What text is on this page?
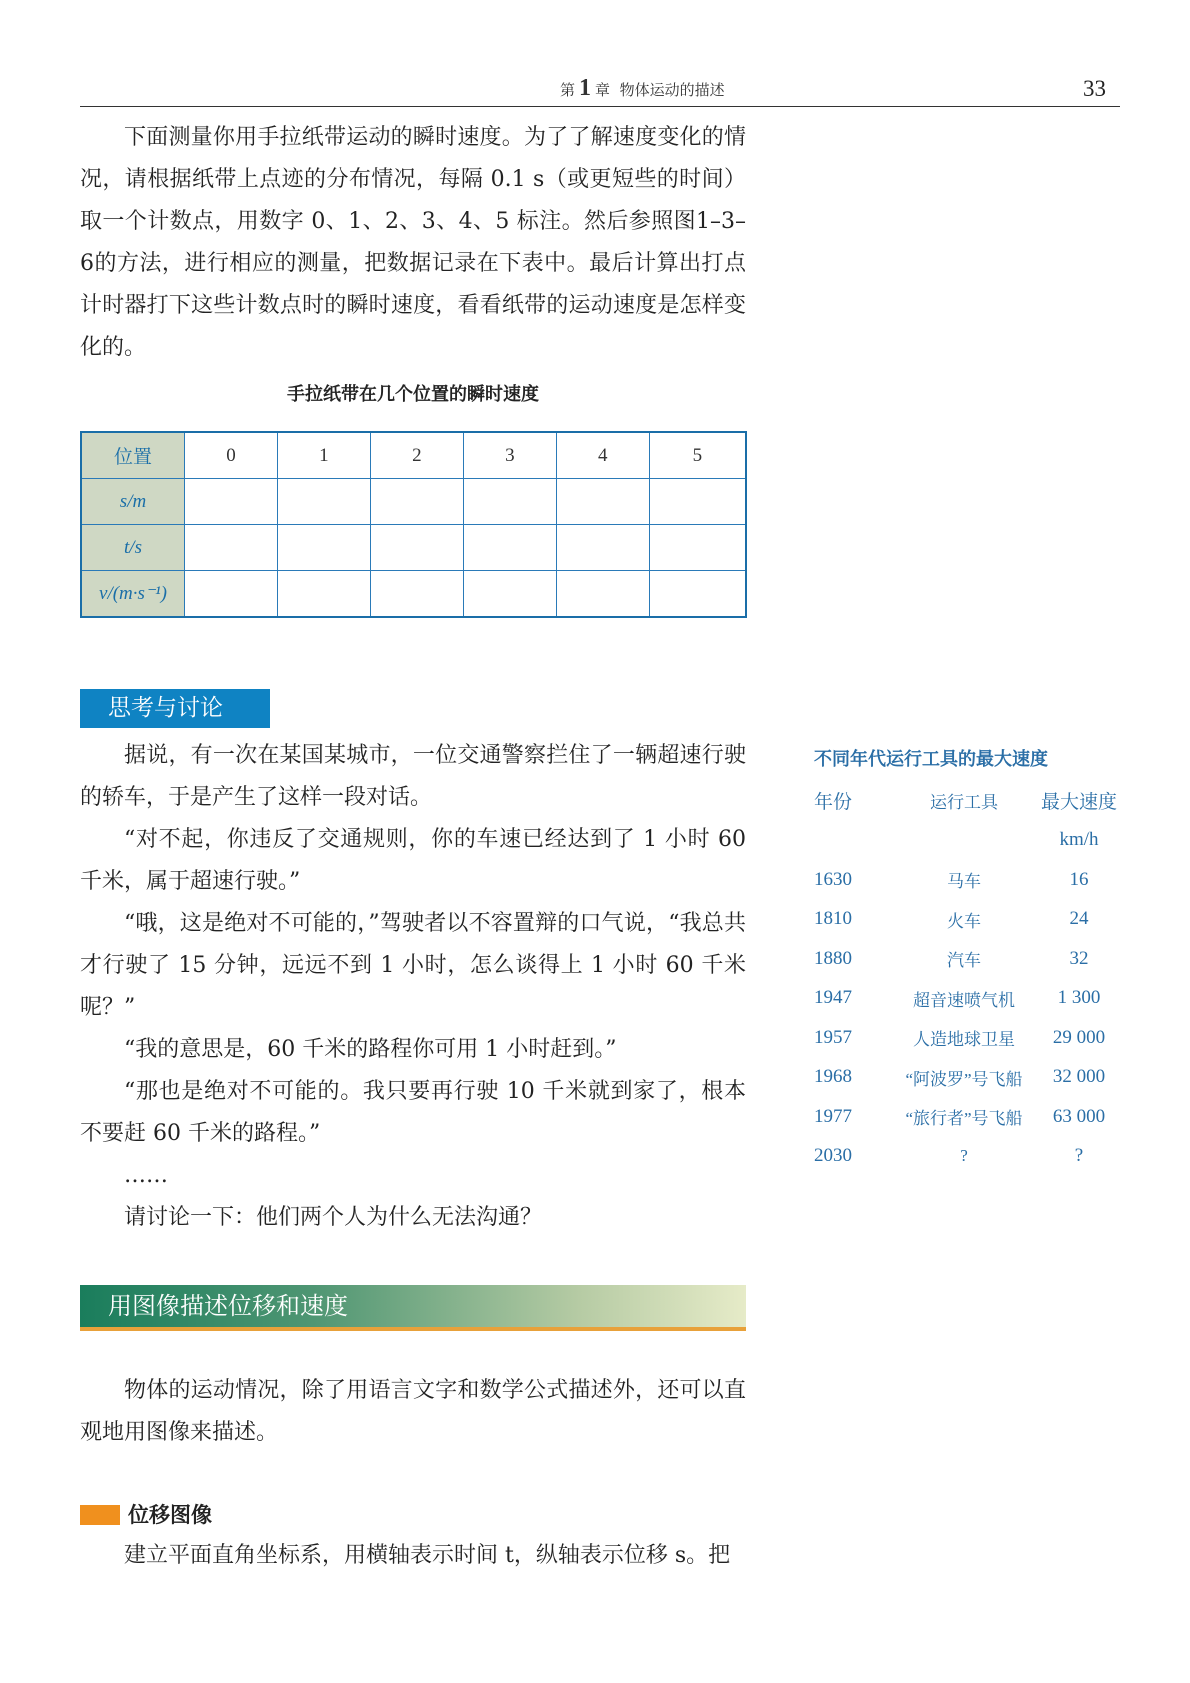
第 1 章 物体运动的描述	33

下面测量你用手拉纸带运动的瞬时速度。为了了解速度变化的情况，请根据纸带上点迹的分布情况，每隔 0.1 s（或更短些的时间）取一个计数点，用数字 0、1、2、3、4、5 标注。然后参照图1–3–6的方法，进行相应的测量，把数据记录在下表中。最后计算出打点计时器打下这些计数点时的瞬时速度，看看纸带的运动速度是怎样变化的。

手拉纸带在几个位置的瞬时速度
位置	0	1	2	3	4	5
s/m						
t/s						
v/(m·s⁻¹)						
思考与讨论

据说，有一次在某国某城市，一位交通警察拦住了一辆超速行驶的轿车，于是产生了这样一段对话。

“对不起，你违反了交通规则，你的车速已经达到了 1 小时 60 千米，属于超速行驶。”

“哦，这是绝对不可能的，”驾驶者以不容置辩的口气说，“我总共才行驶了 15 分钟，远远不到 1 小时，怎么谈得上 1 小时 60 千米呢？”

“我的意思是，60 千米的路程你可用 1 小时赶到。”

“那也是绝对不可能的。我只要再行驶 10 千米就到家了，根本不要赶 60 千米的路程。”

……

请讨论一下：他们两个人为什么无法沟通？

不同年代运行工具的最大速度
年份	运行工具	最大速度
		km/h
1630	马车	16
1810	火车	24
1880	汽车	32
1947	超音速喷气机	1 300
1957	人造地球卫星	29 000
1968	“阿波罗”号飞船	32 000
1977	“旅行者”号飞船	63 000
2030	?	?
用图像描述位移和速度

物体的运动情况，除了用语言文字和数学公式描述外，还可以直观地用图像来描述。

位移图像

建立平面直角坐标系，用横轴表示时间 t，纵轴表示位移 s。把
